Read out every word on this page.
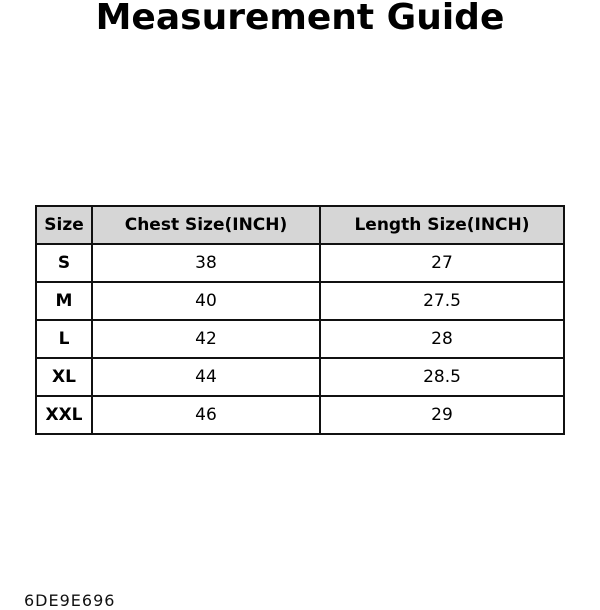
Measurement Guide
Size	Chest Size(INCH)	Length Size(INCH)
S	38	27
M	40	27.5
L	42	28
XL	44	28.5
XXL	46	29
6DE9E696
